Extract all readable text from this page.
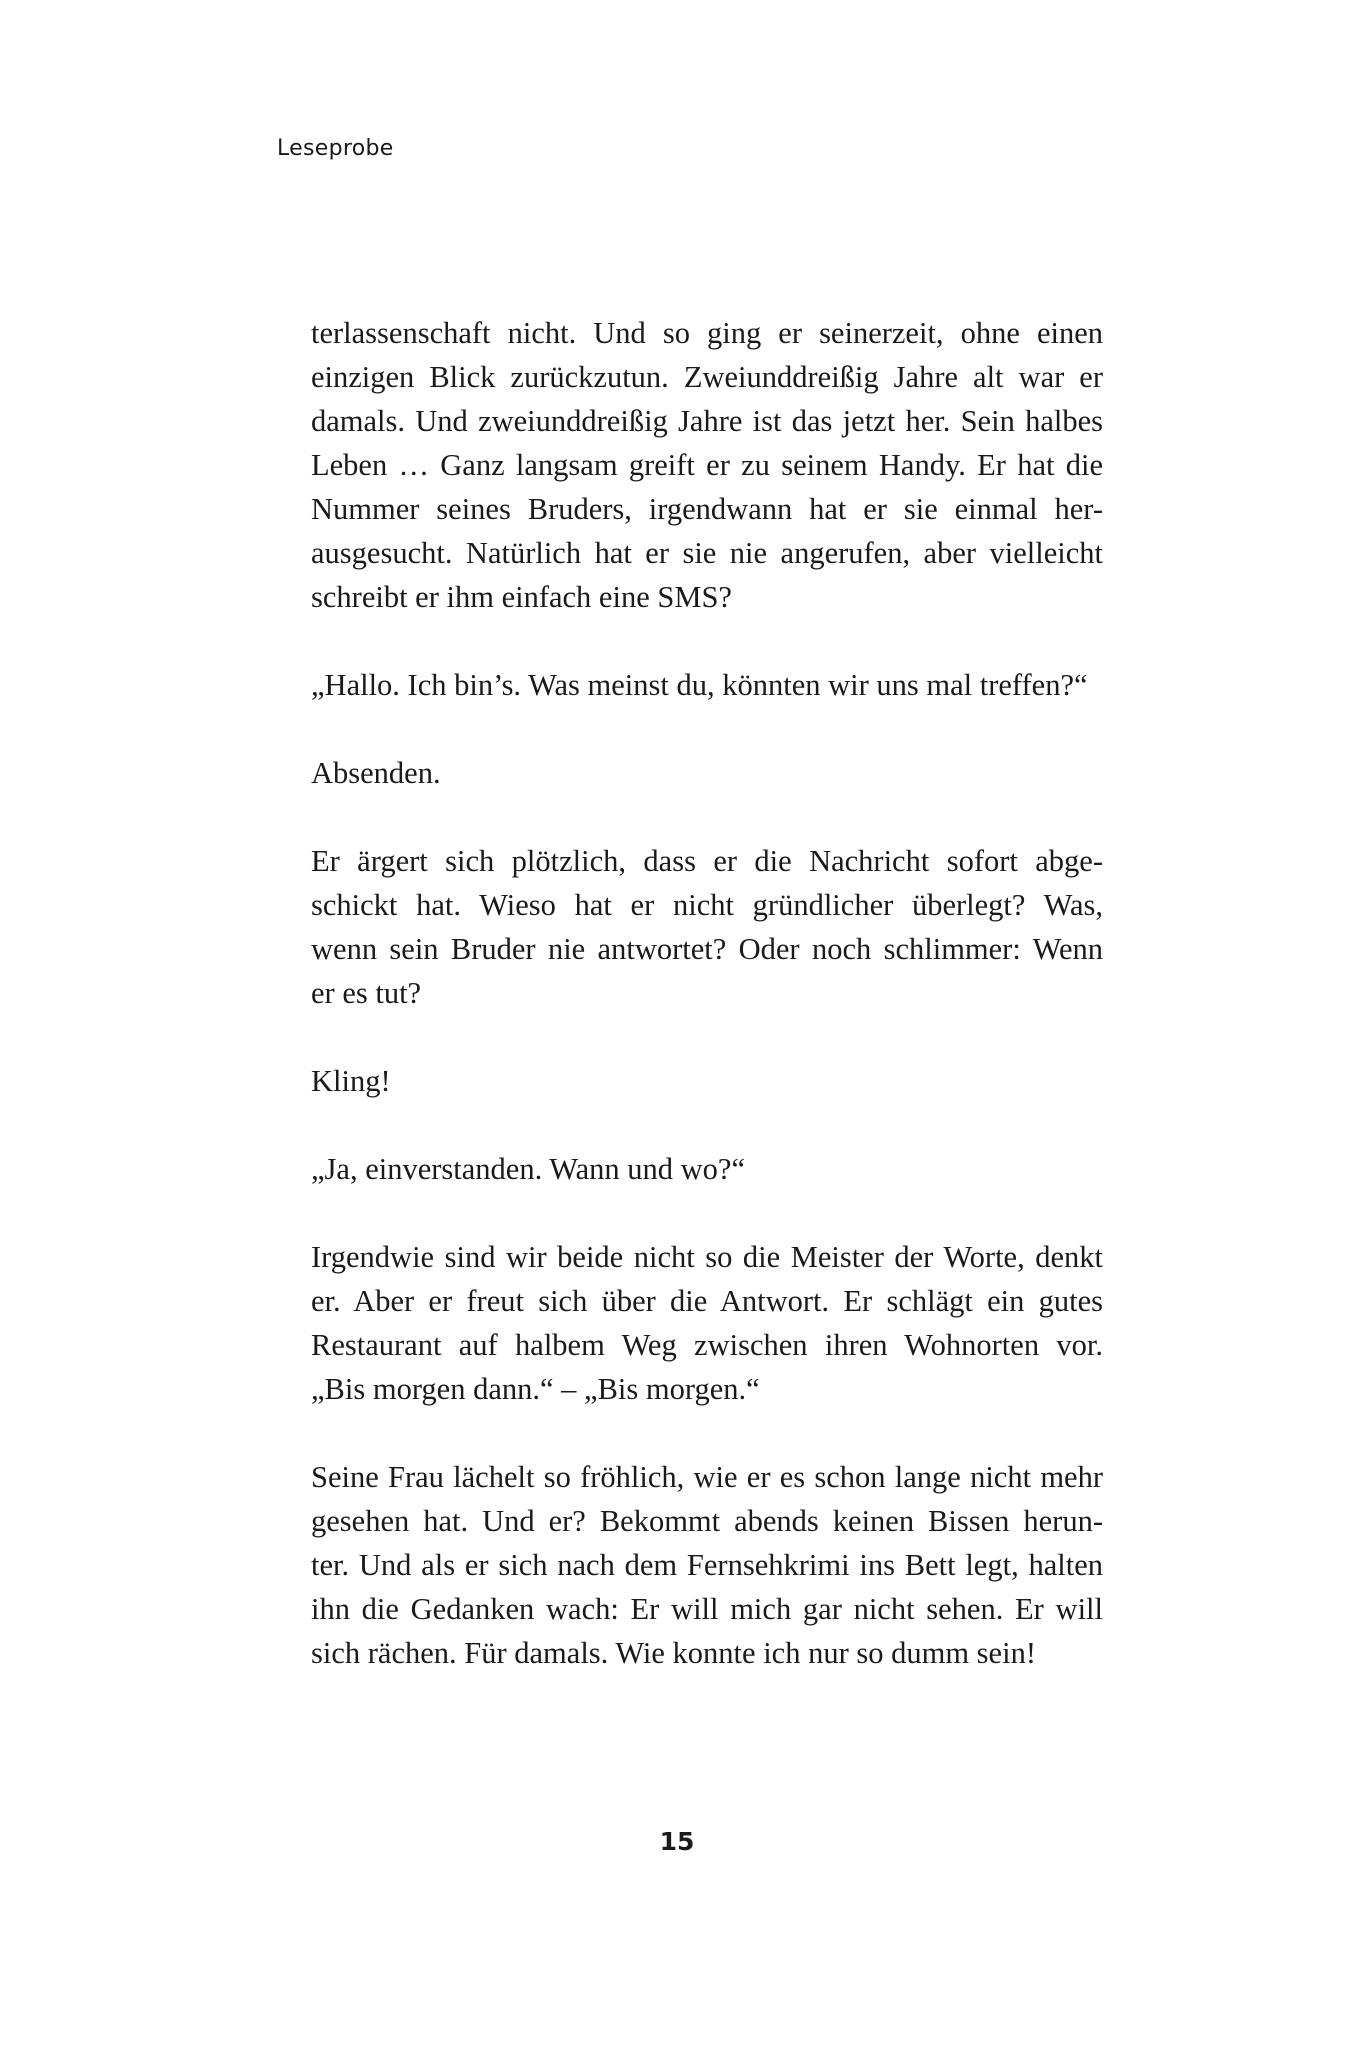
Leseprobe

terlassenschaft nicht. Und so ging er seinerzeit, ohne einen
einzigen Blick zurückzutun. Zweiunddreißig Jahre alt war er
damals. Und zweiunddreißig Jahre ist das jetzt her. Sein halbes
Leben … Ganz langsam greift er zu seinem Handy. Er hat die
Nummer seines Bruders, irgendwann hat er sie einmal her-
ausgesucht. Natürlich hat er sie nie angerufen, aber vielleicht
schreibt er ihm einfach eine SMS?

„Hallo. Ich bin’s. Was meinst du, könnten wir uns mal treffen?“

Absenden.

Er ärgert sich plötzlich, dass er die Nachricht sofort abge-
schickt hat. Wieso hat er nicht gründlicher überlegt? Was,
wenn sein Bruder nie antwortet? Oder noch schlimmer: Wenn
er es tut?

Kling!

„Ja, einverstanden. Wann und wo?“

Irgendwie sind wir beide nicht so die Meister der Worte, denkt
er. Aber er freut sich über die Antwort. Er schlägt ein gutes
Restaurant auf halbem Weg zwischen ihren Wohnorten vor.
„Bis morgen dann.“ – „Bis morgen.“

Seine Frau lächelt so fröhlich, wie er es schon lange nicht mehr
gesehen hat. Und er? Bekommt abends keinen Bissen herun-
ter. Und als er sich nach dem Fernsehkrimi ins Bett legt, halten
ihn die Gedanken wach: Er will mich gar nicht sehen. Er will
sich rächen. Für damals. Wie konnte ich nur so dumm sein!

15
